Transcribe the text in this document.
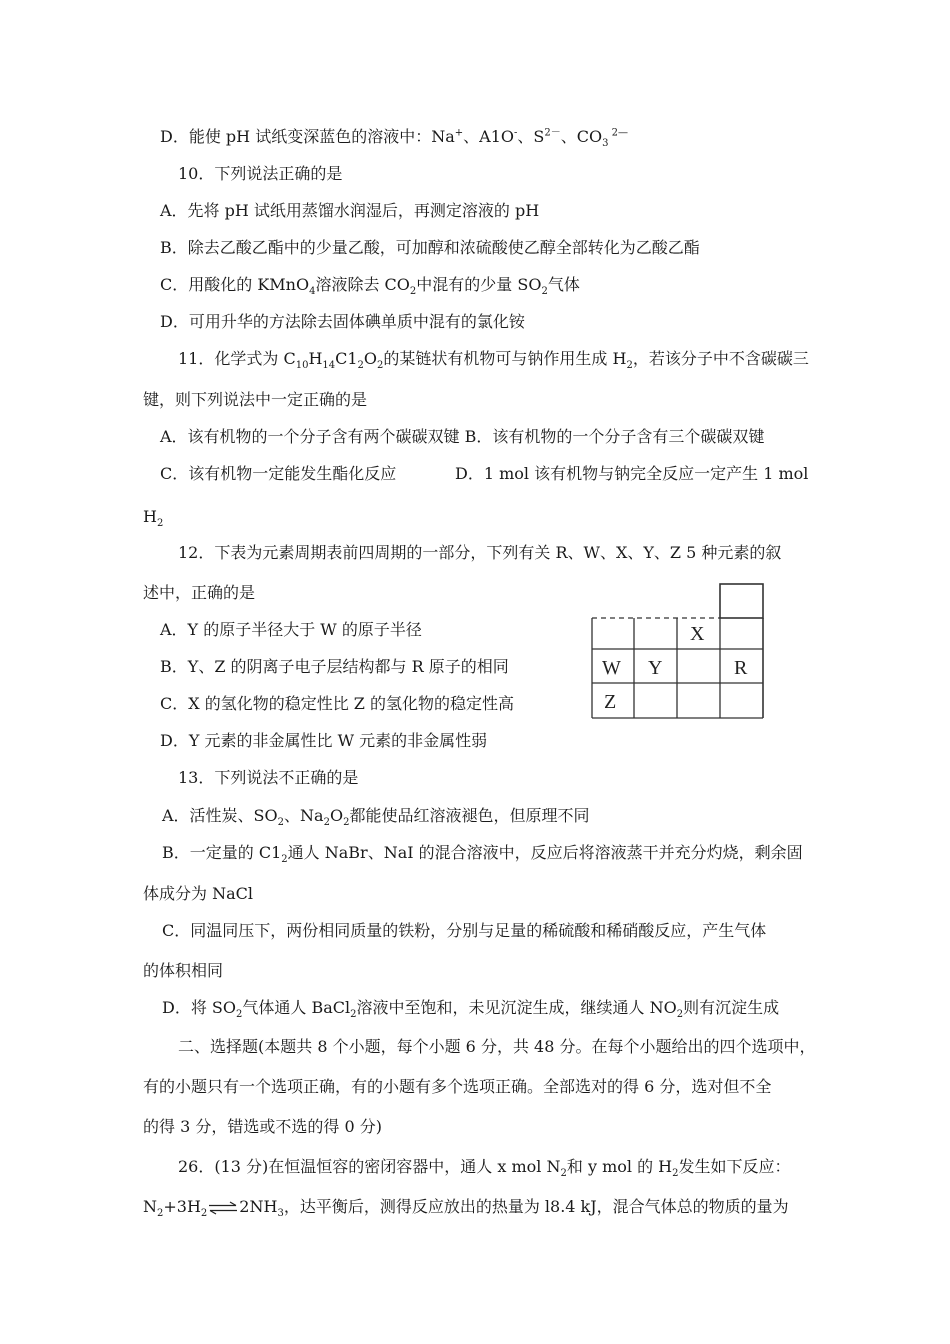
D．能使 pH 试纸变深蓝色的溶液中：Na+、A1O-、$S^{2-}$、$CO_3$ $^{2—}$
10．下列说法正确的是
A．先将 pH 试纸用蒸馏水润湿后，再测定溶液的 pH
B．除去乙酸乙酯中的少量乙酸，可加醇和浓硫酸使乙醇全部转化为乙酸乙酯
C．用酸化的 KMnO$_4$溶液除去 $CO_2$中混有的少量 $SO_2$气体
D．可用升华的方法除去固体碘单质中混有的氯化铵
11．化学式为 $C_{10}H_{14}C1_2O_2$的某链状有机物可与钠作用生成 $H_2$，若该分子中不含碳碳三
键，则下列说法中一定正确的是
A．该有机物的一个分子含有两个碳碳双键 B．该有机物的一个分子含有三个碳碳双键
C．该有机物一定能发生酯化反应	D．1 mol 该有机物与钠完全反应一定产生 1 mol
$H_2$
12．下表为元素周期表前四周期的一部分，下列有关 R、W、X、Y、Z 5 种元素的叙
述中，正确的是
A．Y 的原子半径大于 W 的原子半径
B．Y、Z 的阴离子电子层结构都与 R 原子的相同
C．X 的氢化物的稳定性比 Z 的氢化物的稳定性高
D．Y 元素的非金属性比 W 元素的非金属性弱
X
W Y	R
Z
13．下列说法不正确的是
A．活性炭、$SO_2$、$Na_2O_2$都能使品红溶液褪色，但原理不同
B．一定量的 $C1_2$通人 NaBr、NaI 的混合溶液中，反应后将溶液蒸干并充分灼烧，剩余固
体成分为 NaCl
C．同温同压下，两份相同质量的铁粉，分别与足量的稀硫酸和稀硝酸反应，产生气体
的体积相同
D．将 $SO_2$气体通人 BaCl$_2$溶液中至饱和，未见沉淀生成，继续通人 $NO_2$则有沉淀生成
二、选择题(本题共 8 个小题，每个小题 6 分，共 48 分。在每个小题给出的四个选项中，
有的小题只有一个选项正确，有的小题有多个选项正确。全部选对的得 6 分，选对但不全
的得 3 分，错选或不选的得 0 分)
26．(13 分)在恒温恒容的密闭容器中，通人 x mol $N_2$和 y mol 的 $H_2$发生如下反应：
$N_2+3H_2\rightleftharpoons 2NH_3$，达平衡后，测得反应放出的热量为 l8.4 kJ，混合气体总的物质的量为
